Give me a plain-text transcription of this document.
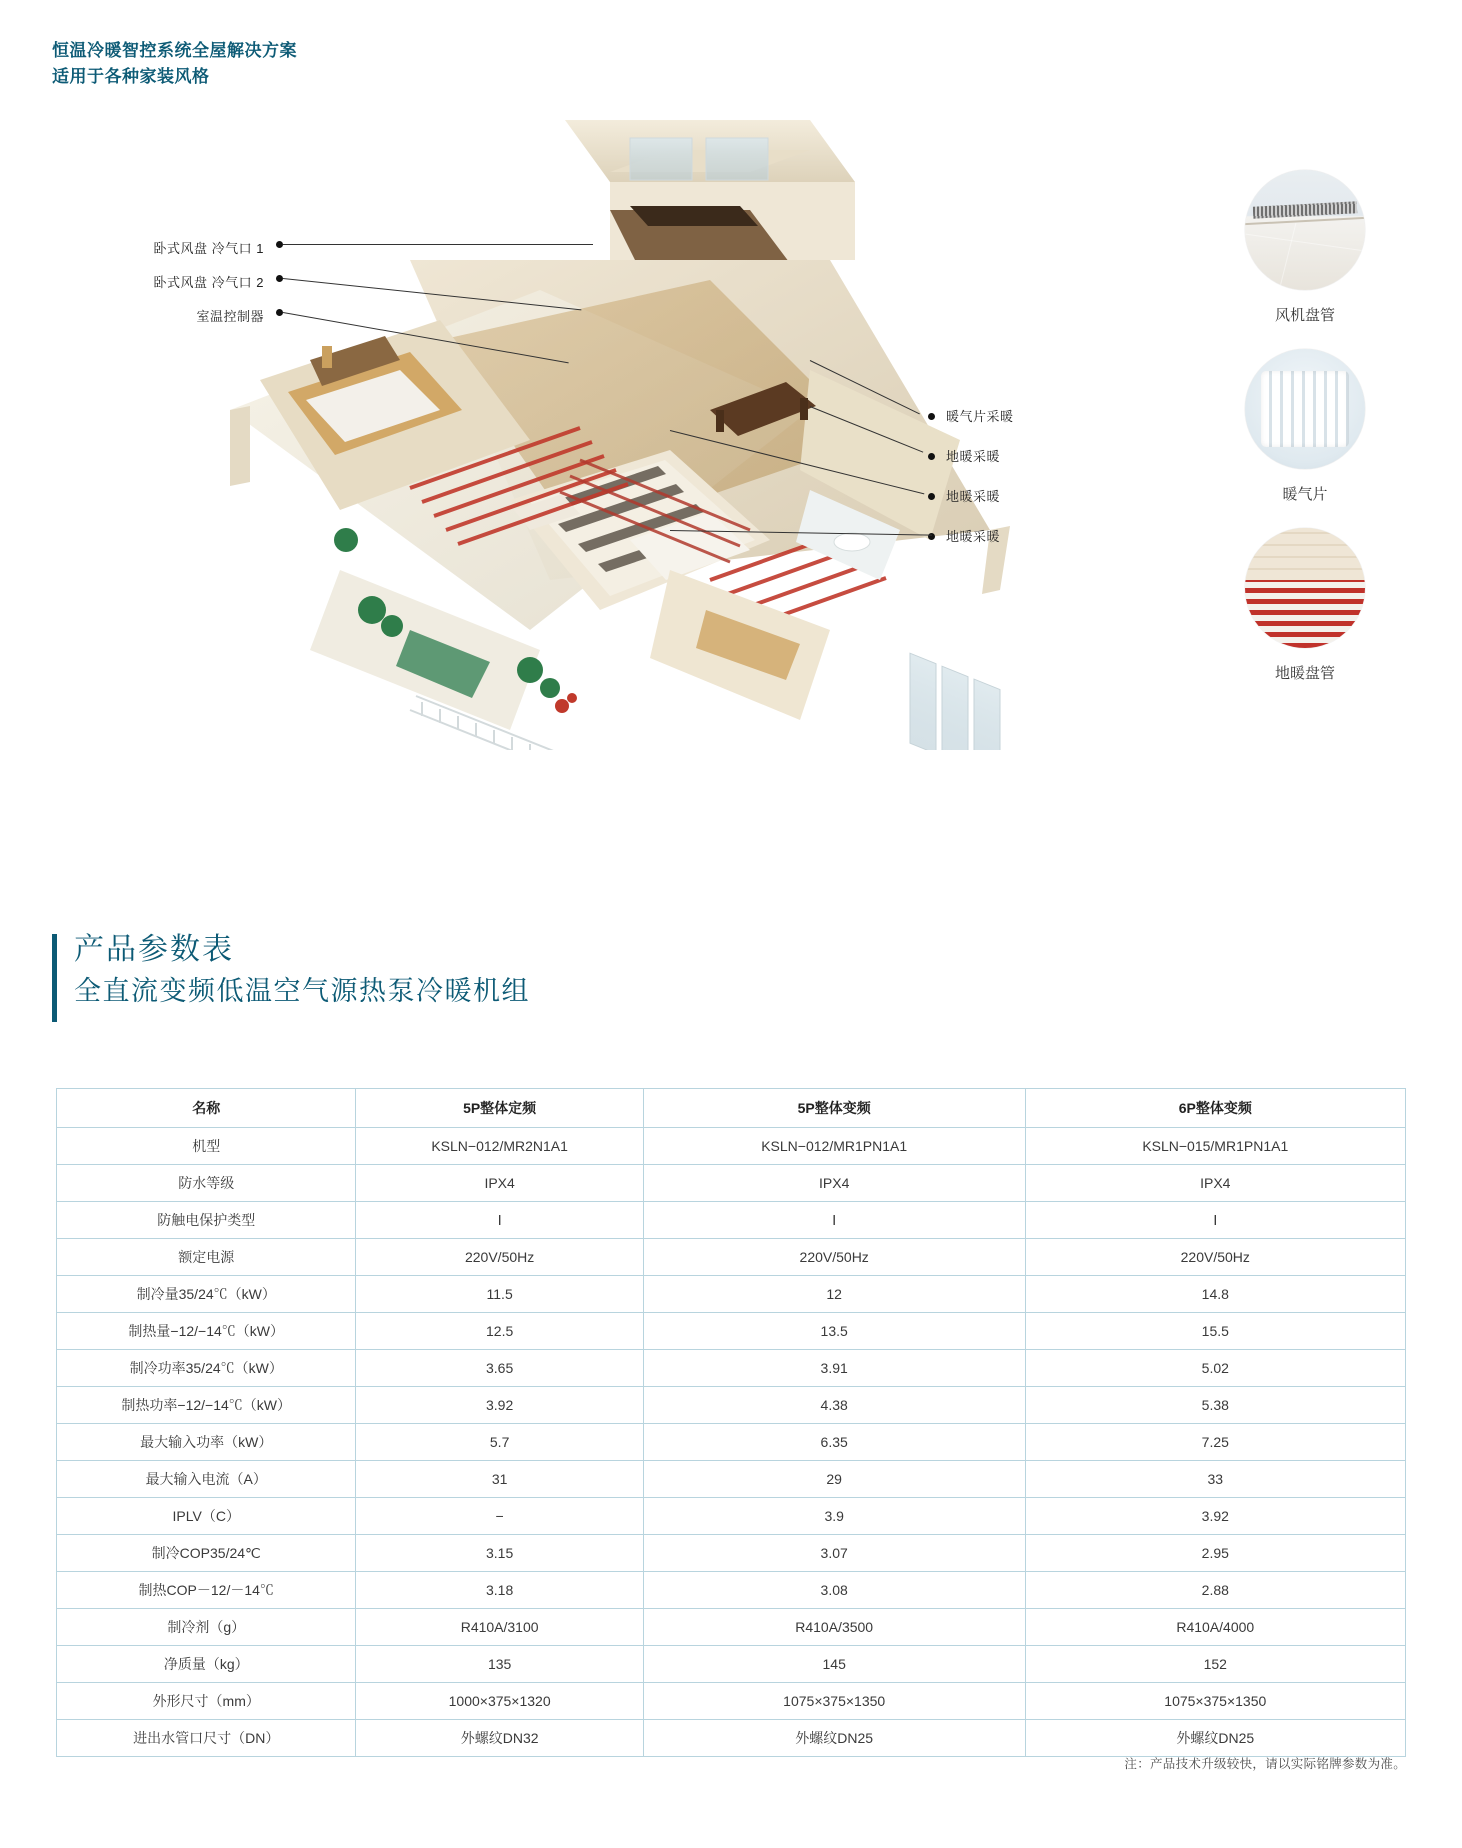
恒温冷暖智控系统全屋解决方案
适用于各种家装风格
卧式风盘 冷气口 1
卧式风盘 冷气口 2
室温控制器
暖气片采暖
地暖采暖
地暖采暖
地暖采暖
风机盘管
暖气片
地暖盘管
产品参数表
全直流变频低温空气源热泵冷暖机组
名称	5P整体定频	5P整体变频	6P整体变频
机型	KSLN−012/MR2N1A1	KSLN−012/MR1PN1A1	KSLN−015/MR1PN1A1
防水等级	IPX4	IPX4	IPX4
防触电保护类型	Ⅰ	Ⅰ	Ⅰ
额定电源	220V/50Hz	220V/50Hz	220V/50Hz
制冷量35/24℃（kW）	11.5	12	14.8
制热量−12/−14℃（kW）	12.5	13.5	15.5
制冷功率35/24℃（kW）	3.65	3.91	5.02
制热功率−12/−14℃（kW）	3.92	4.38	5.38
最大输入功率（kW）	5.7	6.35	7.25
最大输入电流（A）	31	29	33
IPLV（C）	−	3.9	3.92
制冷COP35/24℃	3.15	3.07	2.95
制热COP－12/－14℃	3.18	3.08	2.88
制冷剂（g）	R410A/3100	R410A/3500	R410A/4000
净质量（kg）	135	145	152
外形尺寸（mm）	1000×375×1320	1075×375×1350	1075×375×1350
进出水管口尺寸（DN）	外螺纹DN32	外螺纹DN25	外螺纹DN25
注：产品技术升级较快，请以实际铭牌参数为准。
